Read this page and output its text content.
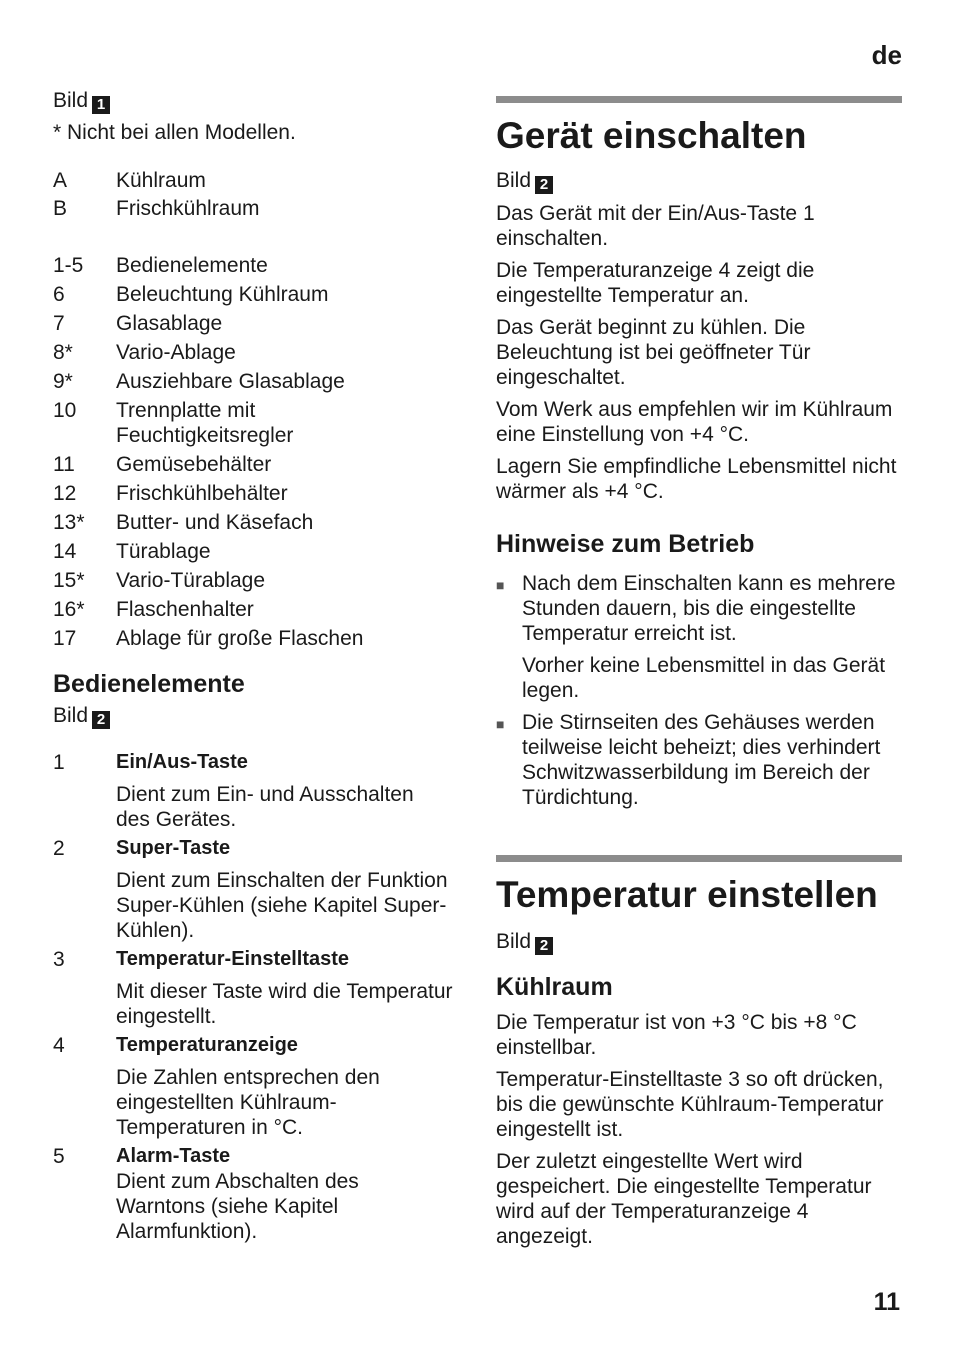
de
Bild 1
* Nicht bei allen Modellen.
A	Kühlraum
B	Frischkühlraum
1-5	Bedienelemente
6	Beleuchtung Kühlraum
7	Glasablage
8*	Vario-Ablage
9*	Ausziehbare Glasablage
10	Trennplatte mit Feuchtigkeitsregler
11	Gemüsebehälter
12	Frischkühlbehälter
13*	Butter- und Käsefach
14	Türablage
15*	Vario-Türablage
16*	Flaschenhalter
17	Ablage für große Flaschen
Bedienelemente
Bild 2
1	Ein/Aus-Taste
Dient zum Ein- und Ausschalten des Gerätes.
2	Super-Taste
Dient zum Einschalten der Funktion Super-Kühlen (siehe Kapitel Super-Kühlen).
3	Temperatur-Einstelltaste
Mit dieser Taste wird die Temperatur eingestellt.
4	Temperaturanzeige
Die Zahlen entsprechen den eingestellten Kühlraum-Temperaturen in °C.
5	Alarm-Taste
Dient zum Abschalten des Warntons (siehe Kapitel Alarmfunktion).
Gerät einschalten
Bild 2
Das Gerät mit der Ein/Aus-Taste 1 einschalten.
Die Temperaturanzeige 4 zeigt die eingestellte Temperatur an.
Das Gerät beginnt zu kühlen. Die Beleuchtung ist bei geöffneter Tür eingeschaltet.
Vom Werk aus empfehlen wir im Kühlraum eine Einstellung von +4 °C.
Lagern Sie empfindliche Lebensmittel nicht wärmer als +4 °C.
Hinweise zum Betrieb
■ Nach dem Einschalten kann es mehrere Stunden dauern, bis die eingestellte Temperatur erreicht ist.
Vorher keine Lebensmittel in das Gerät legen.
■ Die Stirnseiten des Gehäuses werden teilweise leicht beheizt; dies verhindert Schwitzwasserbildung im Bereich der Türdichtung.
Temperatur einstellen
Bild 2
Kühlraum
Die Temperatur ist von +3 °C bis +8 °C einstellbar.
Temperatur-Einstelltaste 3 so oft drücken, bis die gewünschte Kühlraum-Temperatur eingestellt ist.
Der zuletzt eingestellte Wert wird gespeichert. Die eingestellte Temperatur wird auf der Temperaturanzeige 4 angezeigt.
11
